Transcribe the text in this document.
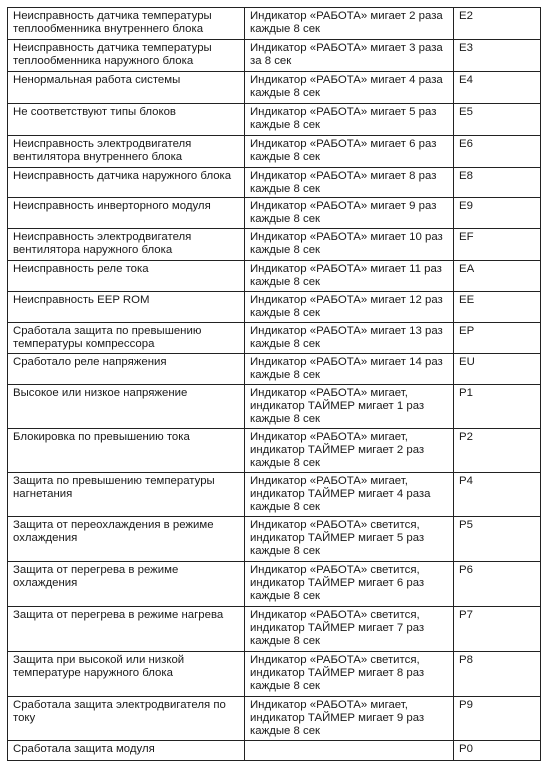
Неисправность датчика температуры теплообменника внутреннего блока	Индикатор «РАБОТА» мигает 2 раза каждые 8 сек	E2
Неисправность датчика температуры теплообменника наружного блока	Индикатор «РАБОТА» мигает 3 раза за 8 сек	E3
Ненормальная работа системы	Индикатор «РАБОТА» мигает 4 раза каждые 8 сек	E4
Не соответствуют типы блоков	Индикатор «РАБОТА» мигает 5 раз каждые 8 сек	E5
Неисправность электродвигателя вентилятора внутреннего блока	Индикатор «РАБОТА» мигает 6 раз каждые 8 сек	E6
Неисправность датчика наружного блока	Индикатор «РАБОТА» мигает 8 раз каждые 8 сек	E8
Неисправность инверторного модуля	Индикатор «РАБОТА» мигает 9 раз каждые 8 сек	E9
Неисправность электродвигателя вентилятора наружного блока	Индикатор «РАБОТА» мигает 10 раз каждые 8 сек	EF
Неисправность реле тока	Индикатор «РАБОТА» мигает 11 раз каждые 8 сек	EA
Неисправность EEP ROM	Индикатор «РАБОТА» мигает 12 раз каждые 8 сек	EE
Сработала защита по превышению температуры компрессора	Индикатор «РАБОТА» мигает 13 раз каждые 8 сек	EP
Сработало реле напряжения	Индикатор «РАБОТА» мигает 14 раз каждые 8 сек	EU
Высокое или низкое напряжение	Индикатор «РАБОТА» мигает, индикатор ТАЙМЕР мигает 1 раз каждые 8 сек	P1
Блокировка по превышению тока	Индикатор «РАБОТА» мигает, индикатор ТАЙМЕР мигает 2 раз каждые 8 сек	P2
Защита по превышению температуры нагнетания	Индикатор «РАБОТА» мигает, индикатор ТАЙМЕР мигает 4 раза каждые 8 сек	P4
Защита от переохлаждения в режиме охлаждения	Индикатор «РАБОТА» светится, индикатор ТАЙМЕР мигает 5 раз каждые 8 сек	P5
Защита от перегрева в режиме охлаждения	Индикатор «РАБОТА» светится, индикатор ТАЙМЕР мигает 6 раз каждые 8 сек	P6
Защита от перегрева в режиме нагрева	Индикатор «РАБОТА» светится, индикатор ТАЙМЕР мигает 7 раз каждые 8 сек	P7
Защита при высокой или низкой температуре наружного блока	Индикатор «РАБОТА» светится, индикатор ТАЙМЕР мигает 8 раз каждые 8 сек	P8
Сработала защита электродвигателя по току	Индикатор «РАБОТА» мигает, индикатор ТАЙМЕР мигает 9 раз каждые 8 сек	P9
Сработала защита модуля		P0
